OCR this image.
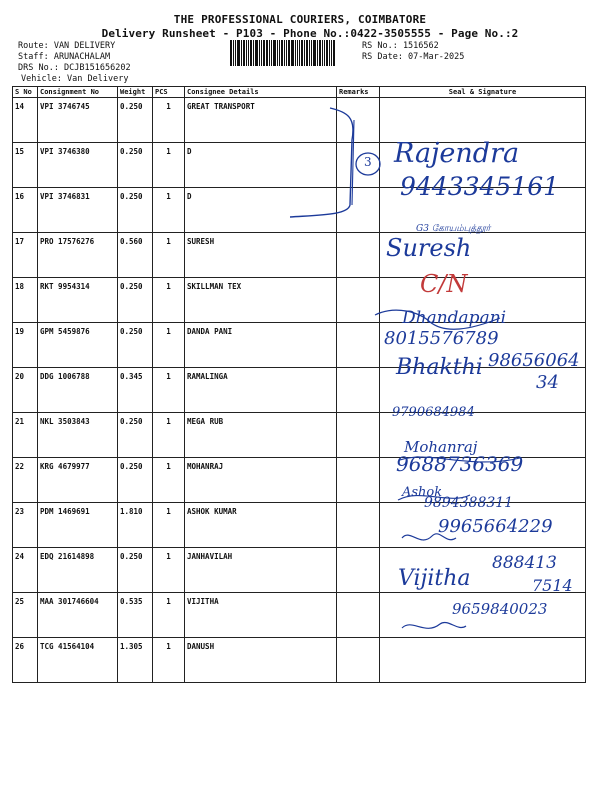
THE PROFESSIONAL COURIERS, COIMBATORE
Delivery Runsheet - P103 - Phone No.:0422-3505555 - Page No.:2
Route: VAN DELIVERY
Staff: ARUNACHALAM
DRS No.: DCJB151656202
Vehicle: Van Delivery
RS No.: 1516562
RS Date: 07-Mar-2025
S No	Consignment No	Weight	PCS	Consignee Details	Remarks	Seal & Signature
14	VPI 3746745	0.250	1	GREAT TRANSPORT		
15	VPI 3746380	0.250	1	D		
16	VPI 3746831	0.250	1	D		
17	PRO 17576276	0.560	1	SURESH		
18	RKT 9954314	0.250	1	SKILLMAN TEX		
19	GPM 5459876	0.250	1	DANDA PANI		
20	DDG 1006788	0.345	1	RAMALINGA		
21	NKL 3503843	0.250	1	MEGA RUB		
22	KRG 4679977	0.250	1	MOHANRAJ		
23	PDM 1469691	1.810	1	ASHOK KUMAR		
24	EDQ 21614898	0.250	1	JANHAVILAH		
25	MAA 301746604	0.535	1	VIJITHA		
26	TCG 41564104	1.305	1	DANUSH		
3 Rajendra
9443345161
G3 கோயம்புத்தூர்
Suresh
C/N
Dhandapani
8015576789
Bhakthi 98656064
34
9790684984
Mohanraj
9688736369
Ashok
9894388311
9965664229
888413
Vijitha	7514
9659840023
